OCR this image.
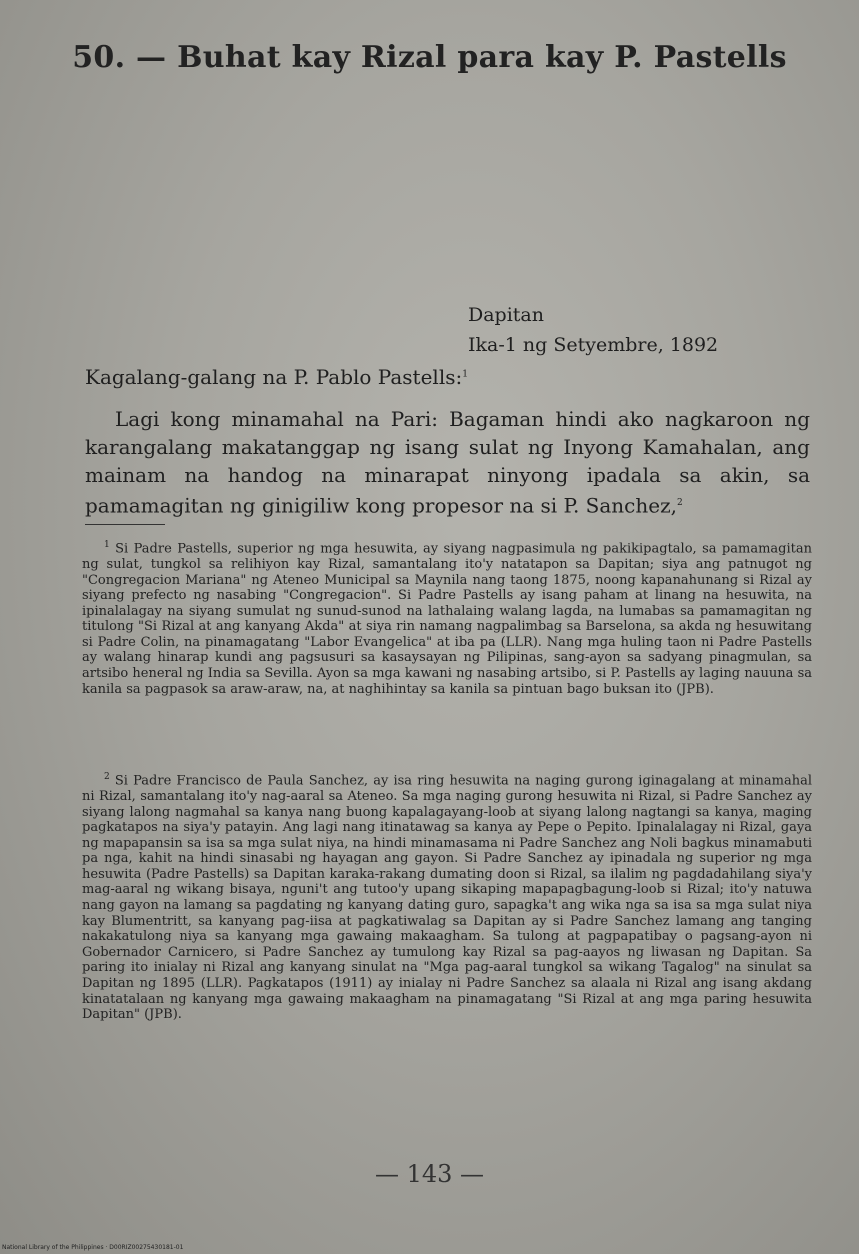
50. — Buhat kay Rizal para kay P. Pastells
Dapitan
Ika-1 ng Setyembre, 1892
Kagalang-galang na P. Pablo Pastells:$^1$

Lagi kong minamahal na Pari: Bagaman hindi ako nagkaroon ng karangalang makatanggap ng isang sulat ng Inyong Kamahalan, ang mainam na handog na minarapat ninyong ipadala sa akin, sa pamamagitan ng ginigiliw kong propesor na si P. Sanchez,$^2$

$^1$ Si Padre Pastells, superior ng mga hesuwita, ay siyang nagpasimula ng pakikipagtalo, sa pamamagitan ng sulat, tungkol sa relihiyon kay Rizal, samantalang ito'y natatapon sa Dapitan; siya ang patnugot ng "Congregacion Mariana" ng Ateneo Municipal sa Maynila nang taong 1875, noong kapanahunang si Rizal ay siyang prefecto ng nasabing "Congregacion". Si Padre Pastells ay isang paham at linang na hesuwita, na ipinalalagay na siyang sumulat ng sunud-sunod na lathalaing walang lagda, na lumabas sa pamamagitan ng titulong "Si Rizal at ang kanyang Akda" at siya rin namang nagpalimbag sa Barselona, sa akda ng hesuwitang si Padre Colin, na pinamagatang "Labor Evangelica" at iba pa (LLR). Nang mga huling taon ni Padre Pastells ay walang hinarap kundi ang pagsusuri sa kasaysayan ng Pilipinas, sang-ayon sa sadyang pinagmulan, sa artsibo heneral ng India sa Sevilla. Ayon sa mga kawani ng nasabing artsibo, si P. Pastells ay laging nauuna sa kanila sa pagpasok sa araw-araw, na, at naghihintay sa kanila sa pintuan bago buksan ito (JPB).

$^2$ Si Padre Francisco de Paula Sanchez, ay isa ring hesuwita na naging gurong iginagalang at minamahal ni Rizal, samantalang ito'y nag-aaral sa Ateneo. Sa mga naging gurong hesuwita ni Rizal, si Padre Sanchez ay siyang lalong nagmahal sa kanya nang buong kapalagayang-loob at siyang lalong nagtangi sa kanya, maging pagkatapos na siya'y patayin. Ang lagi nang itinatawag sa kanya ay Pepe o Pepito. Ipinalalagay ni Rizal, gaya ng mapapansin sa isa sa mga sulat niya, na hindi minamasama ni Padre Sanchez ang Noli bagkus minamabuti pa nga, kahit na hindi sinasabi ng hayagan ang gayon. Si Padre Sanchez ay ipinadala ng superior ng mga hesuwita (Padre Pastells) sa Dapitan karaka-rakang dumating doon si Rizal, sa ilalim ng pagdadahilang siya'y mag-aaral ng wikang bisaya, nguni't ang tutoo'y upang sikaping mapapagbagung-loob si Rizal; ito'y natuwa nang gayon na lamang sa pagdating ng kanyang dating guro, sapagka't ang wika nga sa isa sa mga sulat niya kay Blumentritt, sa kanyang pag-iisa at pagkatiwalag sa Dapitan ay si Padre Sanchez lamang ang tanging nakakatulong niya sa kanyang mga gawaing makaagham. Sa tulong at pagpapatibay o pagsang-ayon ni Gobernador Carnicero, si Padre Sanchez ay tumulong kay Rizal sa pag-aayos ng liwasan ng Dapitan. Sa paring ito inialay ni Rizal ang kanyang sinulat na "Mga pag-aaral tungkol sa wikang Tagalog" na sinulat sa Dapitan ng 1895 (LLR). Pagkatapos (1911) ay inialay ni Padre Sanchez sa alaala ni Rizal ang isang akdang kinatatalaan ng kanyang mga gawaing makaagham na pinamagatang "Si Rizal at ang mga paring hesuwita Dapitan" (JPB).

— 143 —
National Library of the Philippines · D00RIZ00275430181-01
